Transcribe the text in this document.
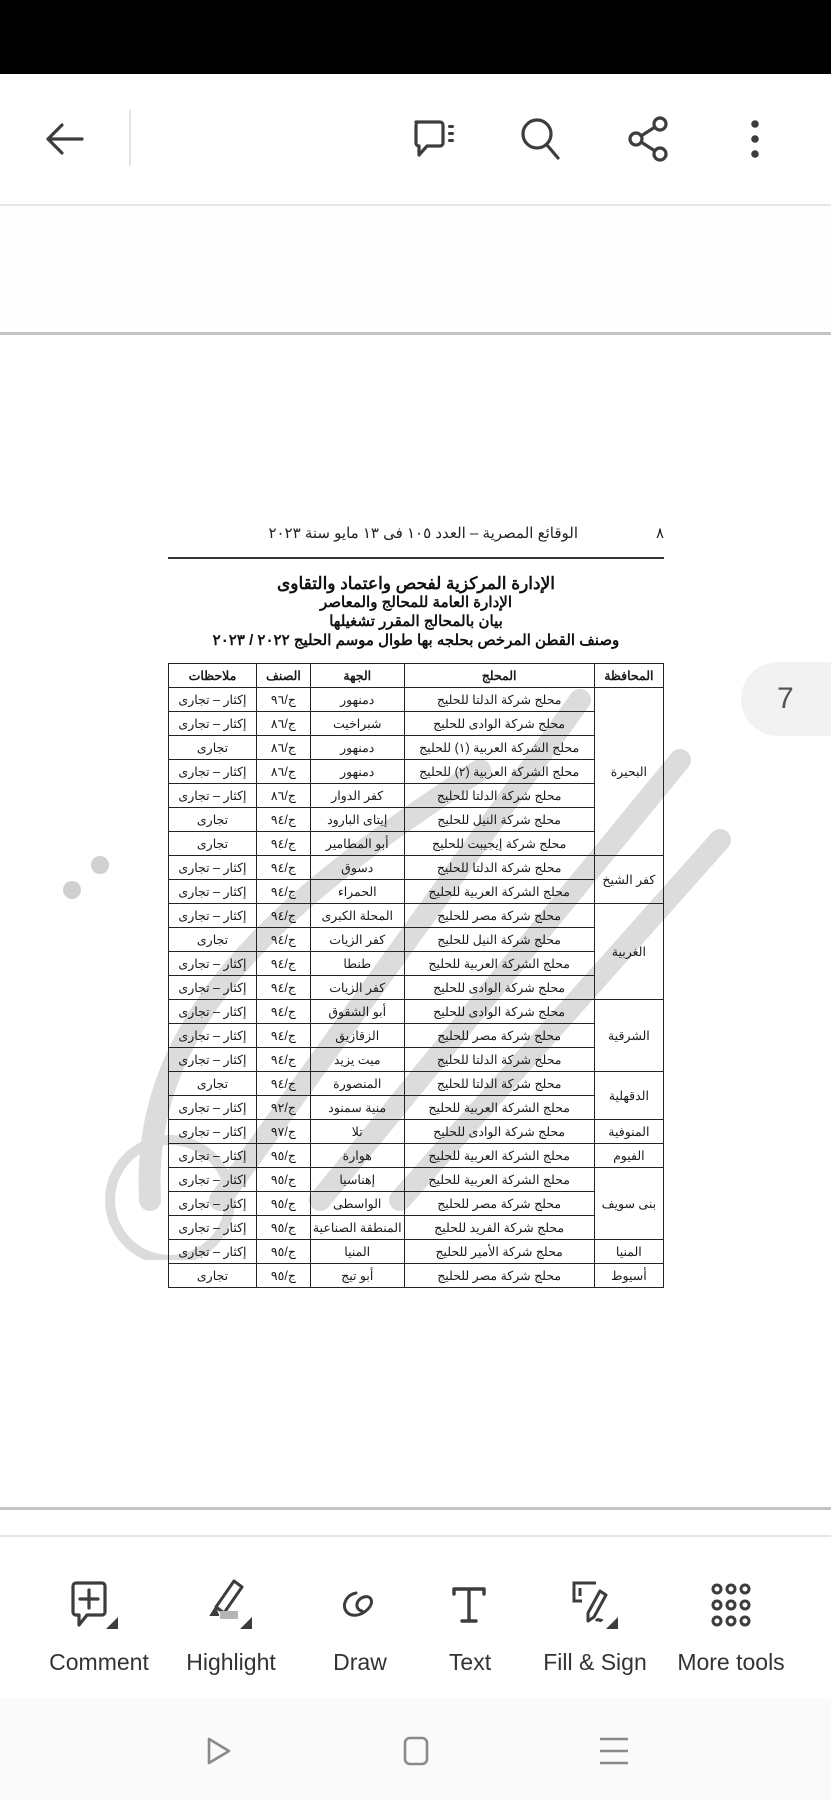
٨
الوقائع المصرية – العدد ١٠٥ فى ١٣ مايو سنة ٢٠٢٣
الإدارة المركزية لفحص واعتماد والتقاوى
الإدارة العامة للمحالج والمعاصر
بيان بالمحالج المقرر تشغيلها
وصنف القطن المرخص بحلجه بها طوال موسم الحليج ٢٠٢٢ / ٢٠٢٣
المحافظة	المحلج	الجهة	الصنف	ملاحظات
البحيرة	محلج شركة الدلتا للحليج	دمنهور	ج/٩٦	إكثار – تجارى
	محلج شركة الوادى للحليج	شبراخيت	ج/٨٦	إكثار – تجارى
	محلج الشركة العربية (١) للحليج	دمنهور	ج/٨٦	تجارى
	محلج الشركة العربية (٢) للحليج	دمنهور	ج/٨٦	إكثار – تجارى
	محلج شركة الدلتا للحليج	كفر الدوار	ج/٨٦	إكثار – تجارى
	محلج شركة النيل للحليج	إيتاى البارود	ج/٩٤	تجارى
	محلج شركة إيجيبت للحليج	أبو المطامير	ج/٩٤	تجارى
كفر الشيخ	محلج شركة الدلتا للحليج	دسوق	ج/٩٤	إكثار – تجارى
	محلج الشركة العربية للحليج	الحمراء	ج/٩٤	إكثار – تجارى
الغربية	محلج شركة مصر للحليج	المحلة الكبرى	ج/٩٤	إكثار – تجارى
	محلج شركة النيل للحليج	كفر الزيات	ج/٩٤	تجارى
	محلج الشركة العربية للحليج	طنطا	ج/٩٤	إكثار – تجارى
	محلج شركة الوادى للحليج	كفر الزيات	ج/٩٤	إكثار – تجارى
الشرقية	محلج شركة الوادى للحليج	أبو الشقوق	ج/٩٤	إكثار – تجارى
	محلج شركة مصر للحليج	الزقازيق	ج/٩٤	إكثار – تجارى
	محلج شركة الدلتا للحليج	ميت يزيد	ج/٩٤	إكثار – تجارى
الدقهلية	محلج شركة الدلتا للحليج	المنصورة	ج/٩٤	تجارى
	محلج الشركة العربية للحليج	منية سمنود	ج/٩٢	إكثار – تجارى
المنوفية	محلج شركة الوادى للحليج	تلا	ج/٩٧	إكثار – تجارى
الفيوم	محلج الشركة العربية للحليج	هوارة	ج/٩٥	إكثار – تجارى
بنى سويف	محلج الشركة العربية للحليج	إهناسيا	ج/٩٥	إكثار – تجارى
	محلج شركة مصر للحليج	الواسطى	ج/٩٥	إكثار – تجارى
	محلج شركة الفريد للحليج	المنطقة الصناعية	ج/٩٥	إكثار – تجارى
المنيا	محلج شركة الأمير للحليج	المنيا	ج/٩٥	إكثار – تجارى
أسيوط	محلج شركة مصر للحليج	أبو تيج	ج/٩٥	تجارى
7
Comment	Highlight	Draw	Text	Fill & Sign	More tools
